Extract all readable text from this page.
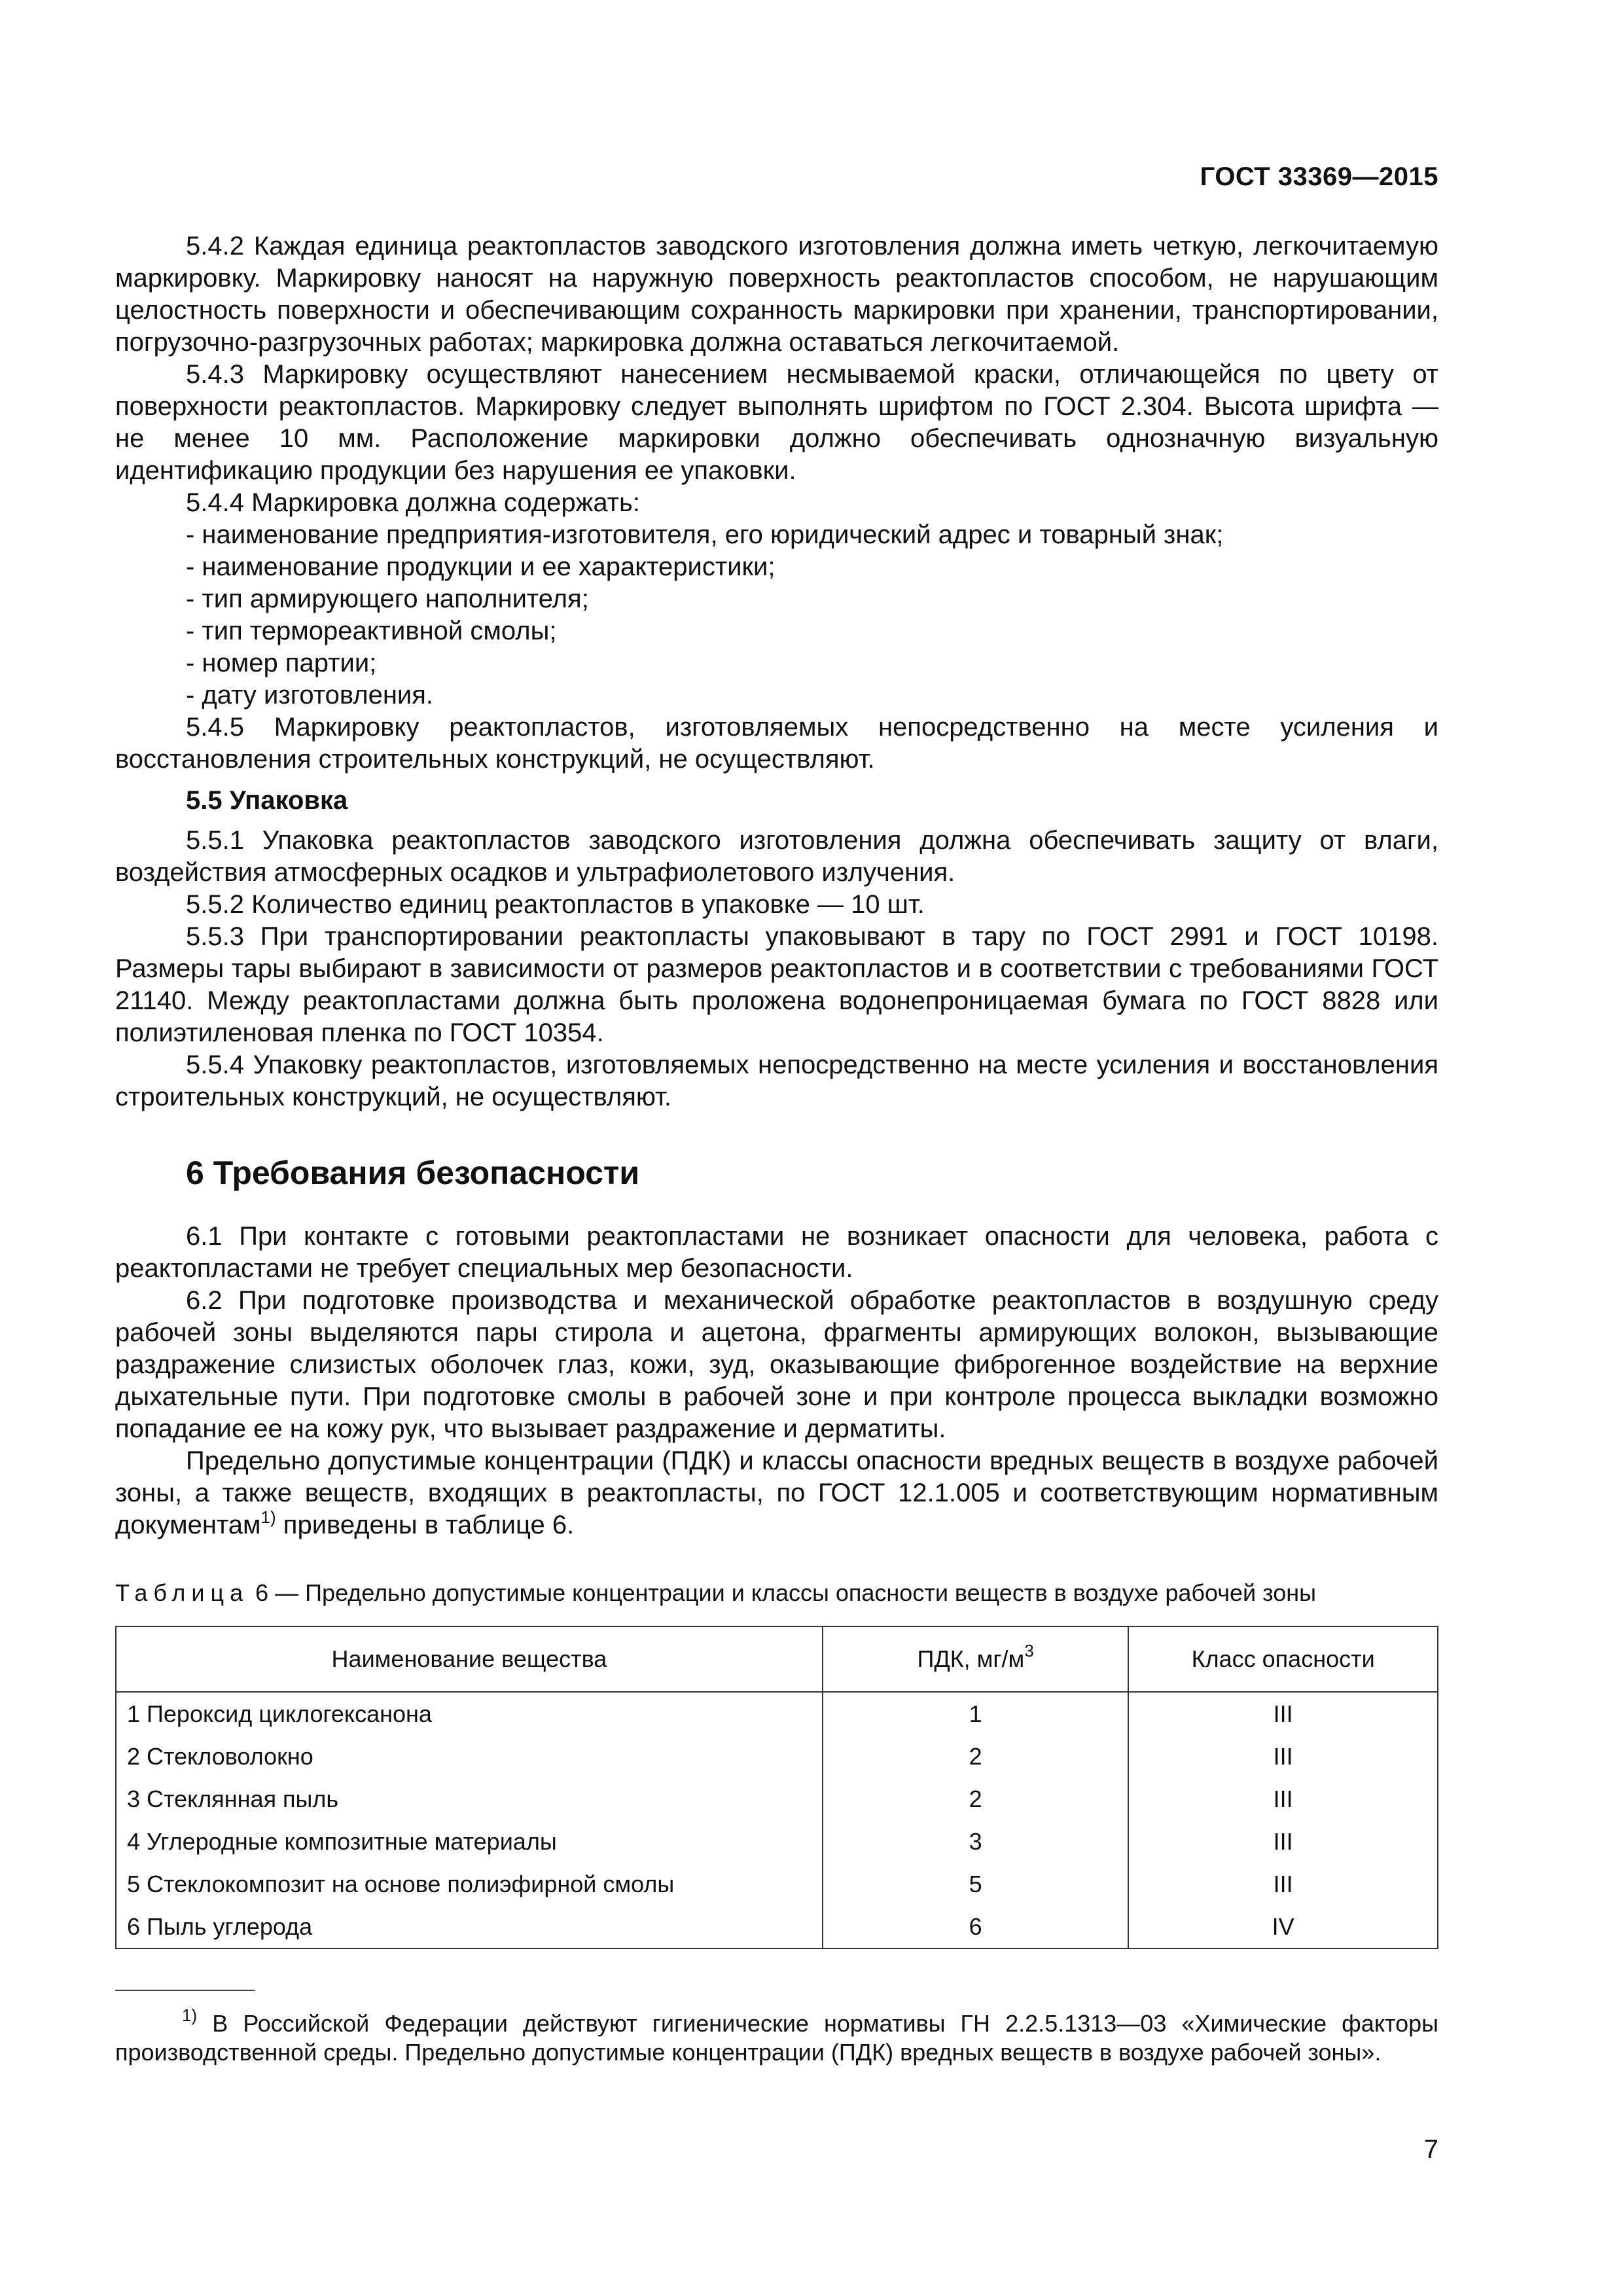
ГОСТ 33369—2015

5.4.2 Каждая единица реактопластов заводского изготовления должна иметь четкую, легкочитаемую маркировку. Маркировку наносят на наружную поверхность реактопластов способом, не нарушающим целостность поверхности и обеспечивающим сохранность маркировки при хранении, транспортировании, погрузочно-разгрузочных работах; маркировка должна оставаться легкочитаемой.

5.4.3 Маркировку осуществляют нанесением несмываемой краски, отличающейся по цвету от поверхности реактопластов. Маркировку следует выполнять шрифтом по ГОСТ 2.304. Высота шрифта — не менее 10 мм. Расположение маркировки должно обеспечивать однозначную визуальную идентификацию продукции без нарушения ее упаковки.

5.4.4 Маркировка должна содержать:

- наименование предприятия-изготовителя, его юридический адрес и товарный знак;
- наименование продукции и ее характеристики;
- тип армирующего наполнителя;
- тип термореактивной смолы;
- номер партии;
- дату изготовления.

5.4.5 Маркировку реактопластов, изготовляемых непосредственно на месте усиления и восстановления строительных конструкций, не осуществляют.

5.5 Упаковка

5.5.1 Упаковка реактопластов заводского изготовления должна обеспечивать защиту от влаги, воздействия атмосферных осадков и ультрафиолетового излучения.

5.5.2 Количество единиц реактопластов в упаковке — 10 шт.

5.5.3 При транспортировании реактопласты упаковывают в тару по ГОСТ 2991 и ГОСТ 10198. Размеры тары выбирают в зависимости от размеров реактопластов и в соответствии с требованиями ГОСТ 21140. Между реактопластами должна быть проложена водонепроницаемая бумага по ГОСТ 8828 или полиэтиленовая пленка по ГОСТ 10354.

5.5.4 Упаковку реактопластов, изготовляемых непосредственно на месте усиления и восстановления строительных конструкций, не осуществляют.

6 Требования безопасности

6.1 При контакте с готовыми реактопластами не возникает опасности для человека, работа с реактопластами не требует специальных мер безопасности.

6.2 При подготовке производства и механической обработке реактопластов в воздушную среду рабочей зоны выделяются пары стирола и ацетона, фрагменты армирующих волокон, вызывающие раздражение слизистых оболочек глаз, кожи, зуд, оказывающие фиброгенное воздействие на верхние дыхательные пути. При подготовке смолы в рабочей зоне и при контроле процесса выкладки возможно попадание ее на кожу рук, что вызывает раздражение и дерматиты.

Предельно допустимые концентрации (ПДК) и классы опасности вредных веществ в воздухе рабочей зоны, а также веществ, входящих в реактопласты, по ГОСТ 12.1.005 и соответствующим нормативным документам$^{1)}$ приведены в таблице 6.

Таблица 6 — Предельно допустимые концентрации и классы опасности веществ в воздухе рабочей зоны
Наименование вещества	ПДК, $мг/м^3$	Класс опасности
1 Пероксид циклогексанона	1	III
2 Стекловолокно	2	III
3 Стеклянная пыль	2	III
4 Углеродные композитные материалы	3	III
5 Стеклокомпозит на основе полиэфирной смолы	5	III
6 Пыль углерода	6	IV
$^{1)}$ В Российской Федерации действуют гигиенические нормативы ГН 2.2.5.1313—03 «Химические факторы производственной среды. Предельно допустимые концентрации (ПДК) вредных веществ в воздухе рабочей зоны».
7
